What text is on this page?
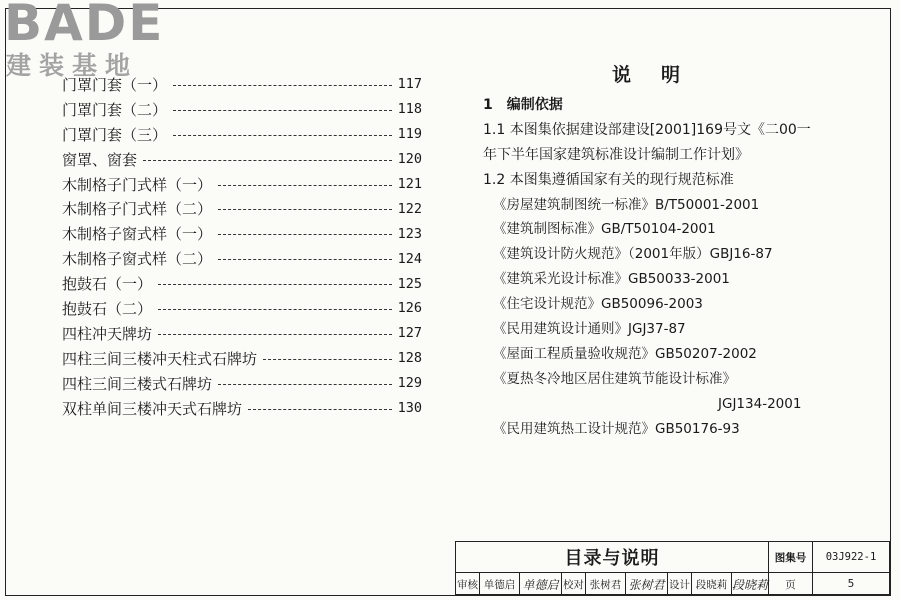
BADE
建装基地
门罩门套（一）	117
门罩门套（二）	118
门罩门套（三）	119
窗罩、窗套	120
木制格子门式样（一）	121
木制格子门式样（二）	122
木制格子窗式样（一）	123
木制格子窗式样（二）	124
抱鼓石（一）	125
抱鼓石（二）	126
四柱冲天牌坊	127
四柱三间三楼冲天柱式石牌坊	128
四柱三间三楼式石牌坊	129
双柱单间三楼冲天式石牌坊	130
说明
1　编制依据
1.1 本图集依据建设部建设[2001]169号文《二00一
年下半年国家建筑标准设计编制工作计划》
1.2 本图集遵循国家有关的现行规范标准
《房屋建筑制图统一标准》B/T50001-2001
《建筑制图标准》GB/T50104-2001
《建筑设计防火规范》（2001年版）GBJ16-87
《建筑采光设计标准》GB50033-2001
《住宅设计规范》GB50096-2003
《民用建筑设计通则》JGJ37-87
《屋面工程质量验收规范》GB50207-2002
《夏热冬冷地区居住建筑节能设计标准》
JGJ134-2001
《民用建筑热工设计规范》GB50176-93
目录与说明	图集号	03J922-1
审核 单德启 单德启 校对 张树君 张树君 设计 段晓莉 段晓莉	页	5
